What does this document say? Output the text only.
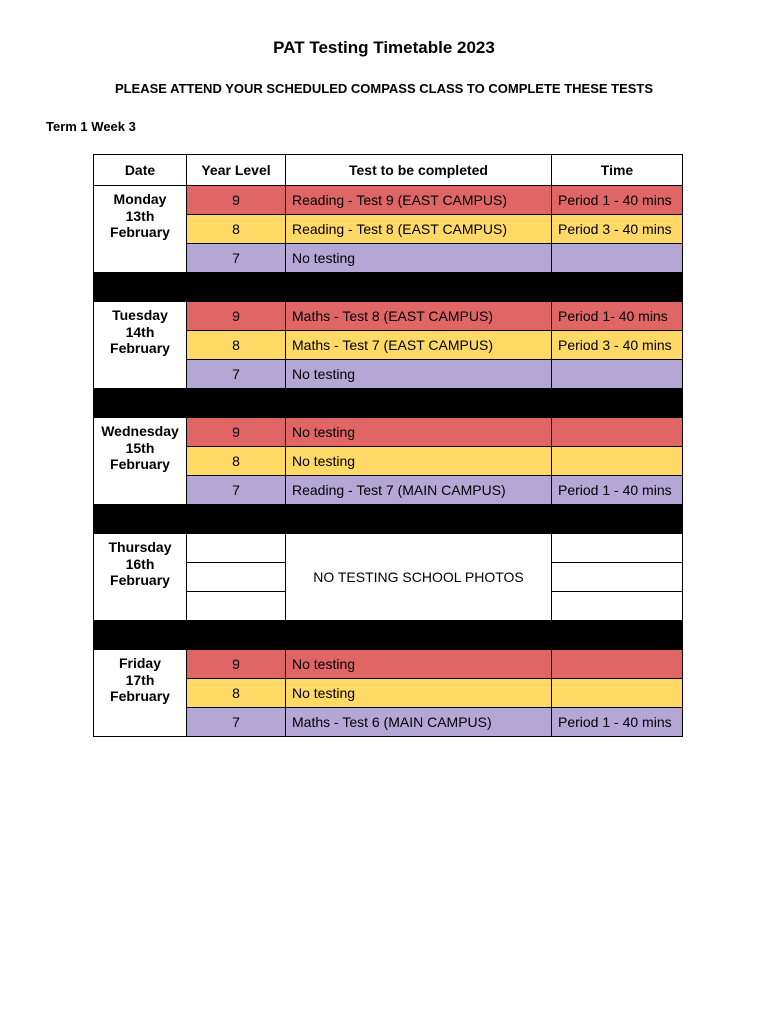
PAT Testing Timetable 2023
PLEASE ATTEND YOUR SCHEDULED COMPASS CLASS TO COMPLETE THESE TESTS
Term 1 Week 3
Date	Year Level	Test to be completed	Time
Monday
13th
February	9	Reading - Test 9 (EAST CAMPUS)	Period 1 - 40 mins
	8	Reading - Test 8 (EAST CAMPUS)	Period 3 - 40 mins
	7	No testing	

Tuesday
14th
February	9	Maths - Test 8 (EAST CAMPUS)	Period 1- 40 mins
	8	Maths - Test 7 (EAST CAMPUS)	Period 3 - 40 mins
	7	No testing	

Wednesday
15th
February	9	No testing	
	8	No testing	
	7	Reading - Test 7 (MAIN CAMPUS)	Period 1 - 40 mins

Thursday
16th
February		NO TESTING SCHOOL PHOTOS	

Friday
17th
February	9	No testing	
	8	No testing	
	7	Maths - Test 6 (MAIN CAMPUS)	Period 1 - 40 mins
